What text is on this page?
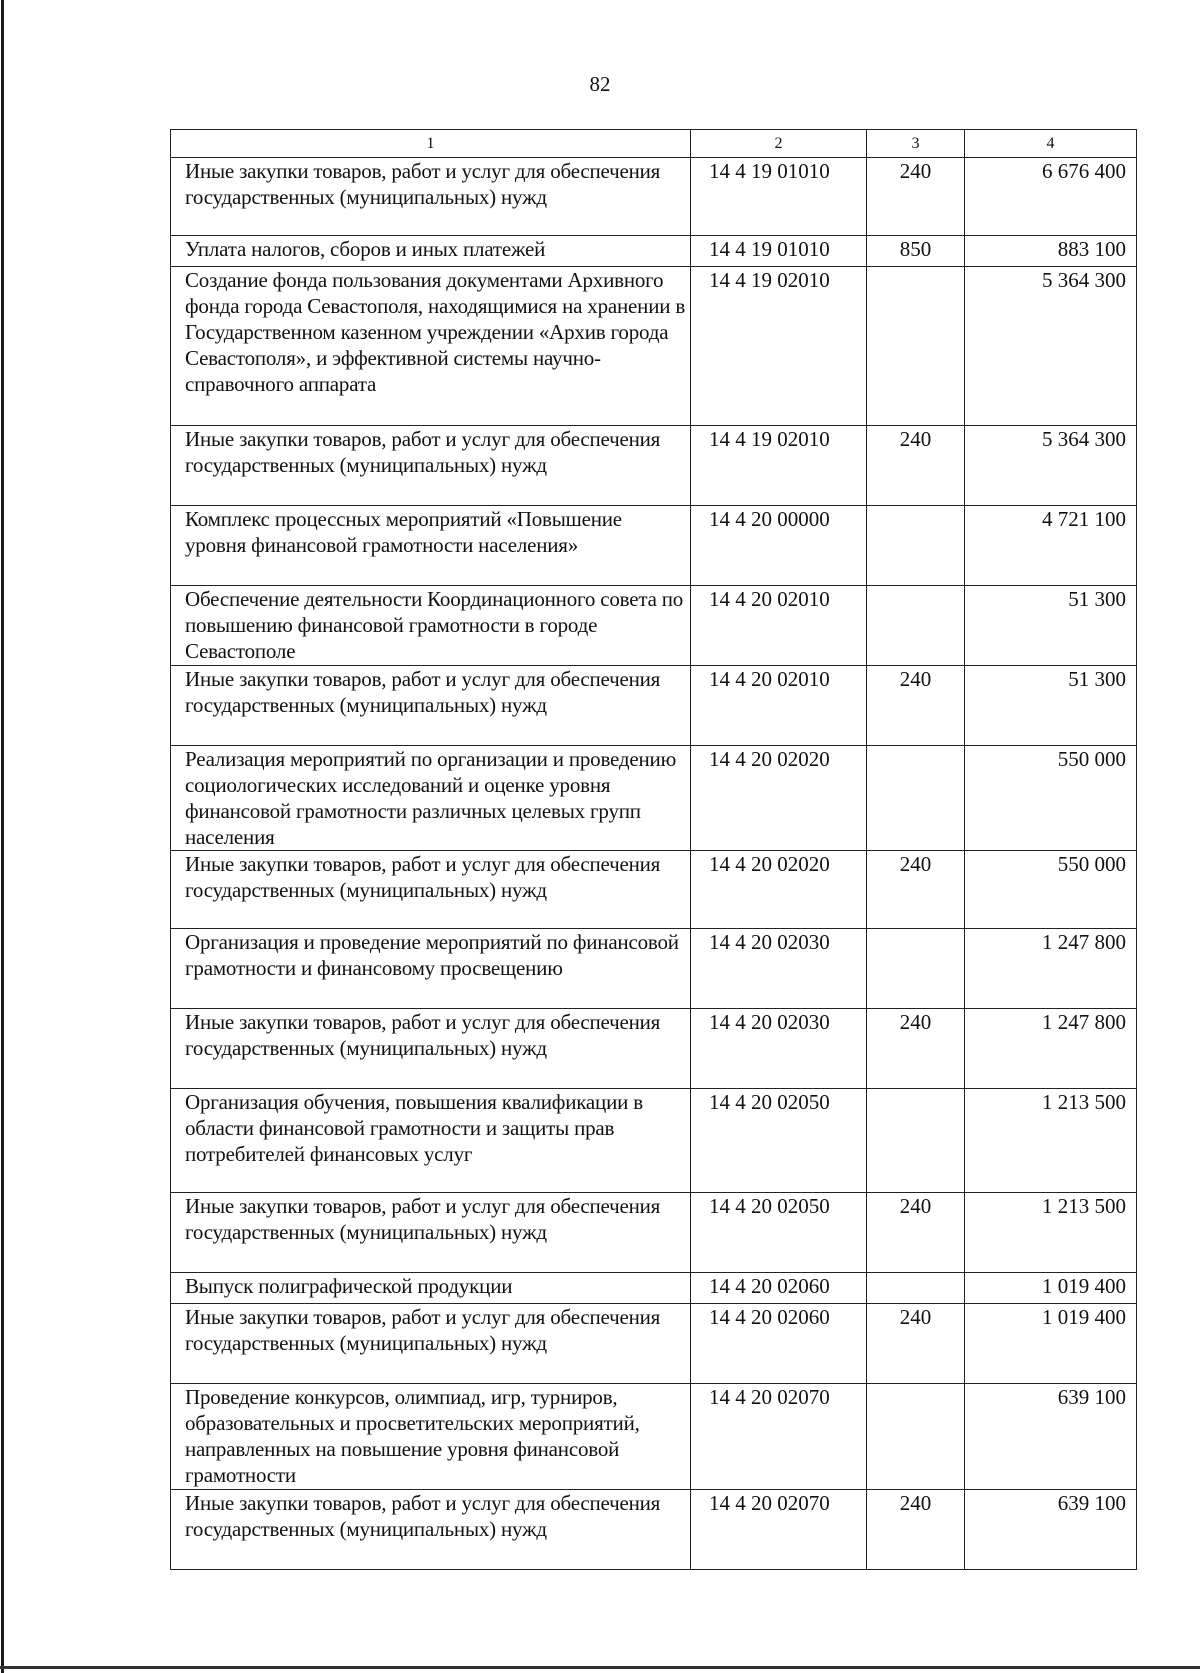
82
1	2	3	4
Иные закупки товаров, работ и услуг для обеспечения государственных (муниципальных) нужд	14 4 19 01010	240	6 676 400
Уплата налогов, сборов и иных платежей	14 4 19 01010	850	883 100
Создание фонда пользования документами Архивного фонда города Севастополя, находящимися на хранении в Государственном казенном учреждении «Архив города Севастополя», и эффективной системы научно-справочного аппарата	14 4 19 02010		5 364 300
Иные закупки товаров, работ и услуг для обеспечения государственных (муниципальных) нужд	14 4 19 02010	240	5 364 300
Комплекс процессных мероприятий «Повышение уровня финансовой грамотности населения»	14 4 20 00000		4 721 100
Обеспечение деятельности Координационного совета по повышению финансовой грамотности в городе Севастополе	14 4 20 02010		51 300
Иные закупки товаров, работ и услуг для обеспечения государственных (муниципальных) нужд	14 4 20 02010	240	51 300
Реализация мероприятий по организации и проведению социологических исследований и оценке уровня финансовой грамотности различных целевых групп населения	14 4 20 02020		550 000
Иные закупки товаров, работ и услуг для обеспечения государственных (муниципальных) нужд	14 4 20 02020	240	550 000
Организация и проведение мероприятий по финансовой грамотности и финансовому просвещению	14 4 20 02030		1 247 800
Иные закупки товаров, работ и услуг для обеспечения государственных (муниципальных) нужд	14 4 20 02030	240	1 247 800
Организация обучения, повышения квалификации в области финансовой грамотности и защиты прав потребителей финансовых услуг	14 4 20 02050		1 213 500
Иные закупки товаров, работ и услуг для обеспечения государственных (муниципальных) нужд	14 4 20 02050	240	1 213 500
Выпуск полиграфической продукции	14 4 20 02060		1 019 400
Иные закупки товаров, работ и услуг для обеспечения государственных (муниципальных) нужд	14 4 20 02060	240	1 019 400
Проведение конкурсов, олимпиад, игр, турниров, образовательных и просветительских мероприятий, направленных на повышение уровня финансовой грамотности	14 4 20 02070		639 100
Иные закупки товаров, работ и услуг для обеспечения государственных (муниципальных) нужд	14 4 20 02070	240	639 100
